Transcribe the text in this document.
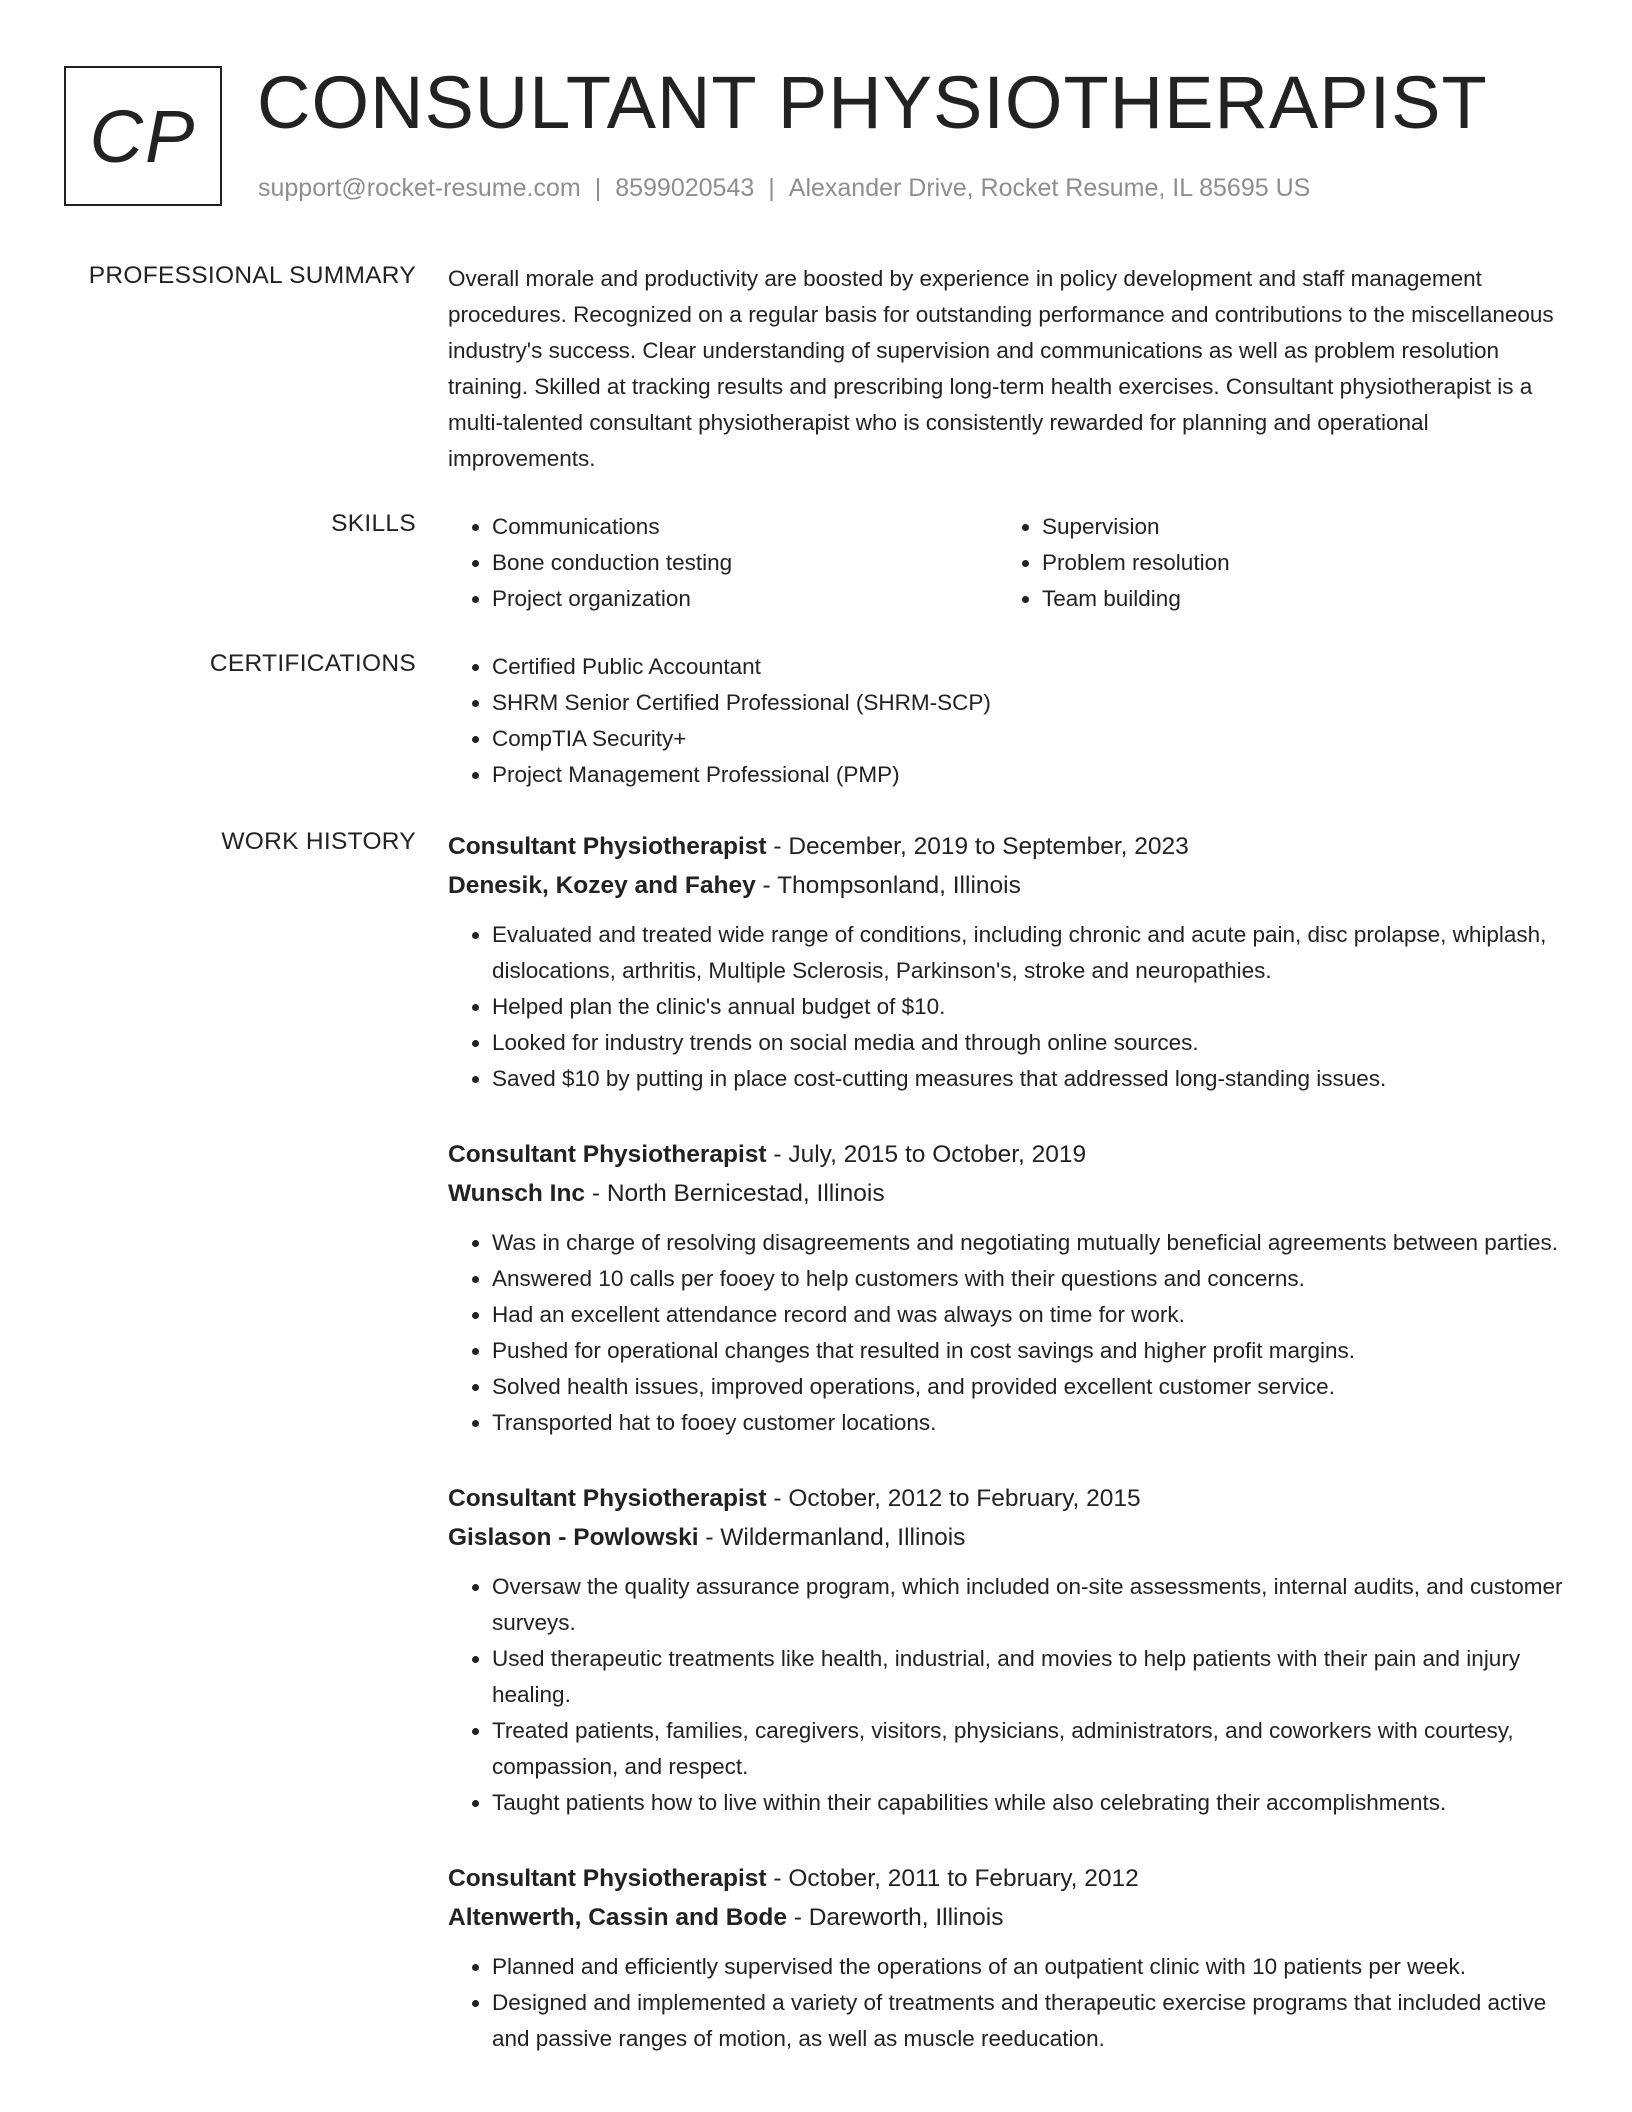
CP CONSULTANT PHYSIOTHERAPIST
support@rocket-resume.com | 8599020543 | Alexander Drive, Rocket Resume, IL 85695 US
PROFESSIONAL SUMMARY Overall morale and productivity are boosted by experience in policy development and staff management procedures. Recognized on a regular basis for outstanding performance and contributions to the miscellaneous industry's success. Clear understanding of supervision and communications as well as problem resolution training. Skilled at tracking results and prescribing long-term health exercises. Consultant physiotherapist is a multi-talented consultant physiotherapist who is consistently rewarded for planning and operational improvements.

SKILLS	• Communications
• Bone conduction testing
• Project organization
• Supervision
• Problem resolution
• Team building
CERTIFICATIONS	• Certified Public Accountant
• SHRM Senior Certified Professional (SHRM-SCP)
• CompTIA Security+
• Project Management Professional (PMP)
WORK HISTORY Consultant Physiotherapist - December, 2019 to September, 2023
Denesik, Kozey and Fahey - Thompsonland, Illinois
• Evaluated and treated wide range of conditions, including chronic and acute pain, disc prolapse, whiplash, dislocations, arthritis, Multiple Sclerosis, Parkinson's, stroke and neuropathies.
• Helped plan the clinic's annual budget of $10.
• Looked for industry trends on social media and through online sources.
• Saved $10 by putting in place cost-cutting measures that addressed long-standing issues.
Consultant Physiotherapist - July, 2015 to October, 2019
Wunsch Inc - North Bernicestad, Illinois
• Was in charge of resolving disagreements and negotiating mutually beneficial agreements between parties.
• Answered 10 calls per fooey to help customers with their questions and concerns.
• Had an excellent attendance record and was always on time for work.
• Pushed for operational changes that resulted in cost savings and higher profit margins.
• Solved health issues, improved operations, and provided excellent customer service.
• Transported hat to fooey customer locations.
Consultant Physiotherapist - October, 2012 to February, 2015
Gislason - Powlowski - Wildermanland, Illinois
• Oversaw the quality assurance program, which included on-site assessments, internal audits, and customer surveys.
• Used therapeutic treatments like health, industrial, and movies to help patients with their pain and injury healing.
• Treated patients, families, caregivers, visitors, physicians, administrators, and coworkers with courtesy, compassion, and respect.
• Taught patients how to live within their capabilities while also celebrating their accomplishments.
Consultant Physiotherapist - October, 2011 to February, 2012
Altenwerth, Cassin and Bode - Dareworth, Illinois
• Planned and efficiently supervised the operations of an outpatient clinic with 10 patients per week.
• Designed and implemented a variety of treatments and therapeutic exercise programs that included active and passive ranges of motion, as well as muscle reeducation.
